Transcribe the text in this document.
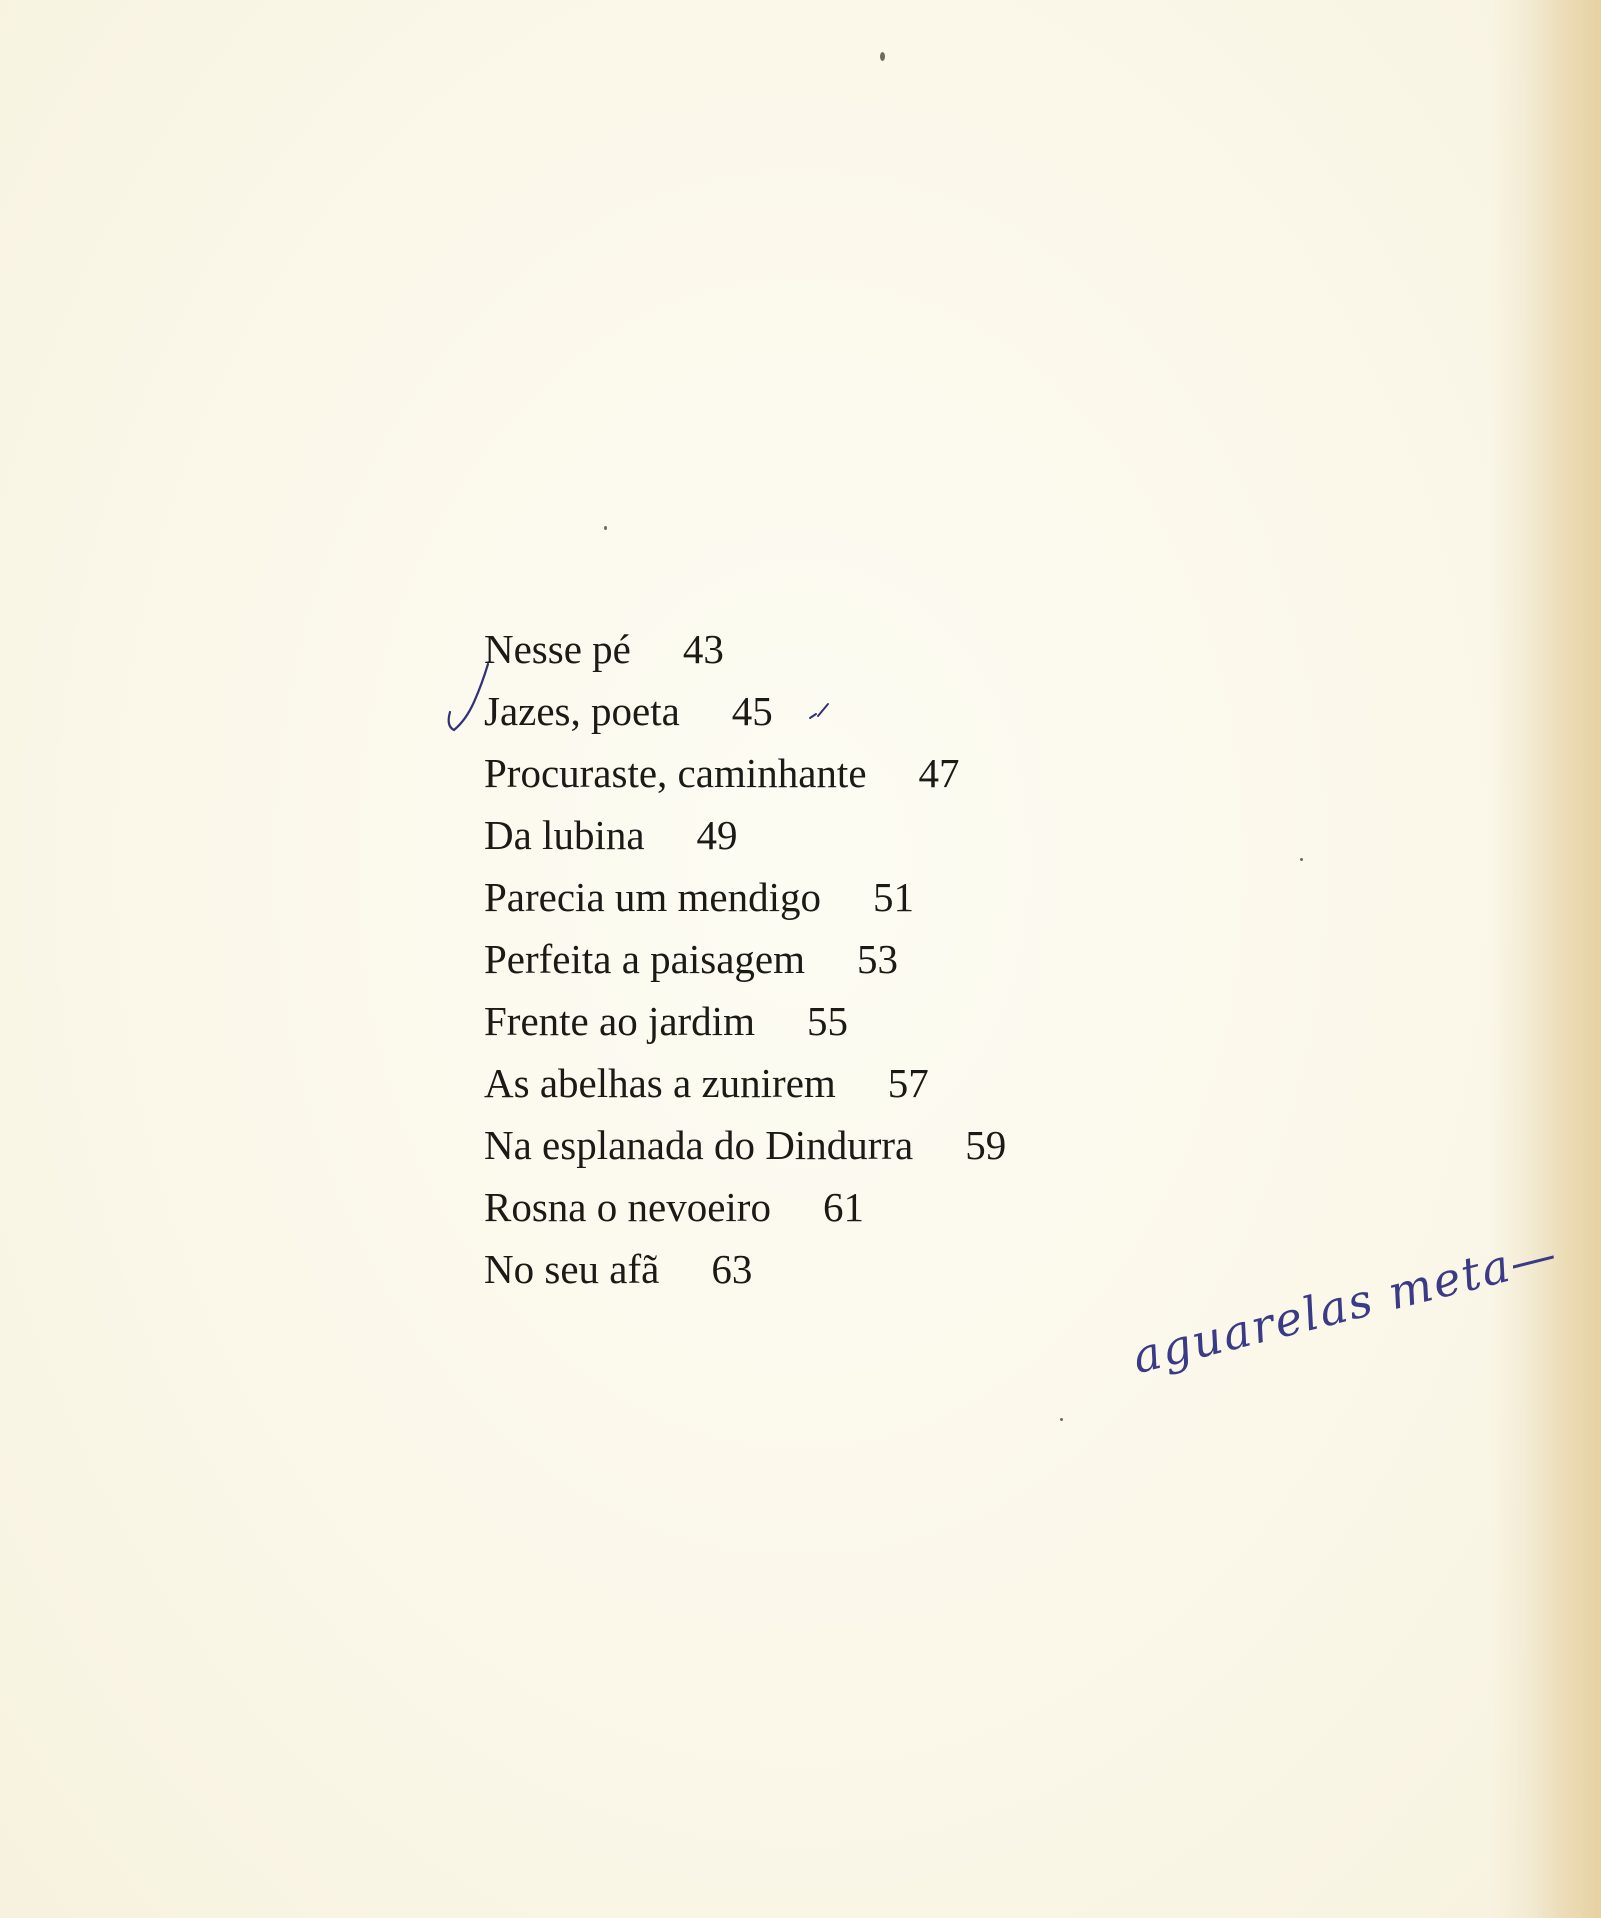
Nesse pé 43
Jazes, poeta 45
Procuraste, caminhante 47
Da lubina 49
Parecia um mendigo 51
Perfeita a paisagem 53
Frente ao jardim 55
As abelhas a zunirem 57
Na esplanada do Dindurra 59
Rosna o nevoeiro 61
No seu afã 63	aguarelas meta—
